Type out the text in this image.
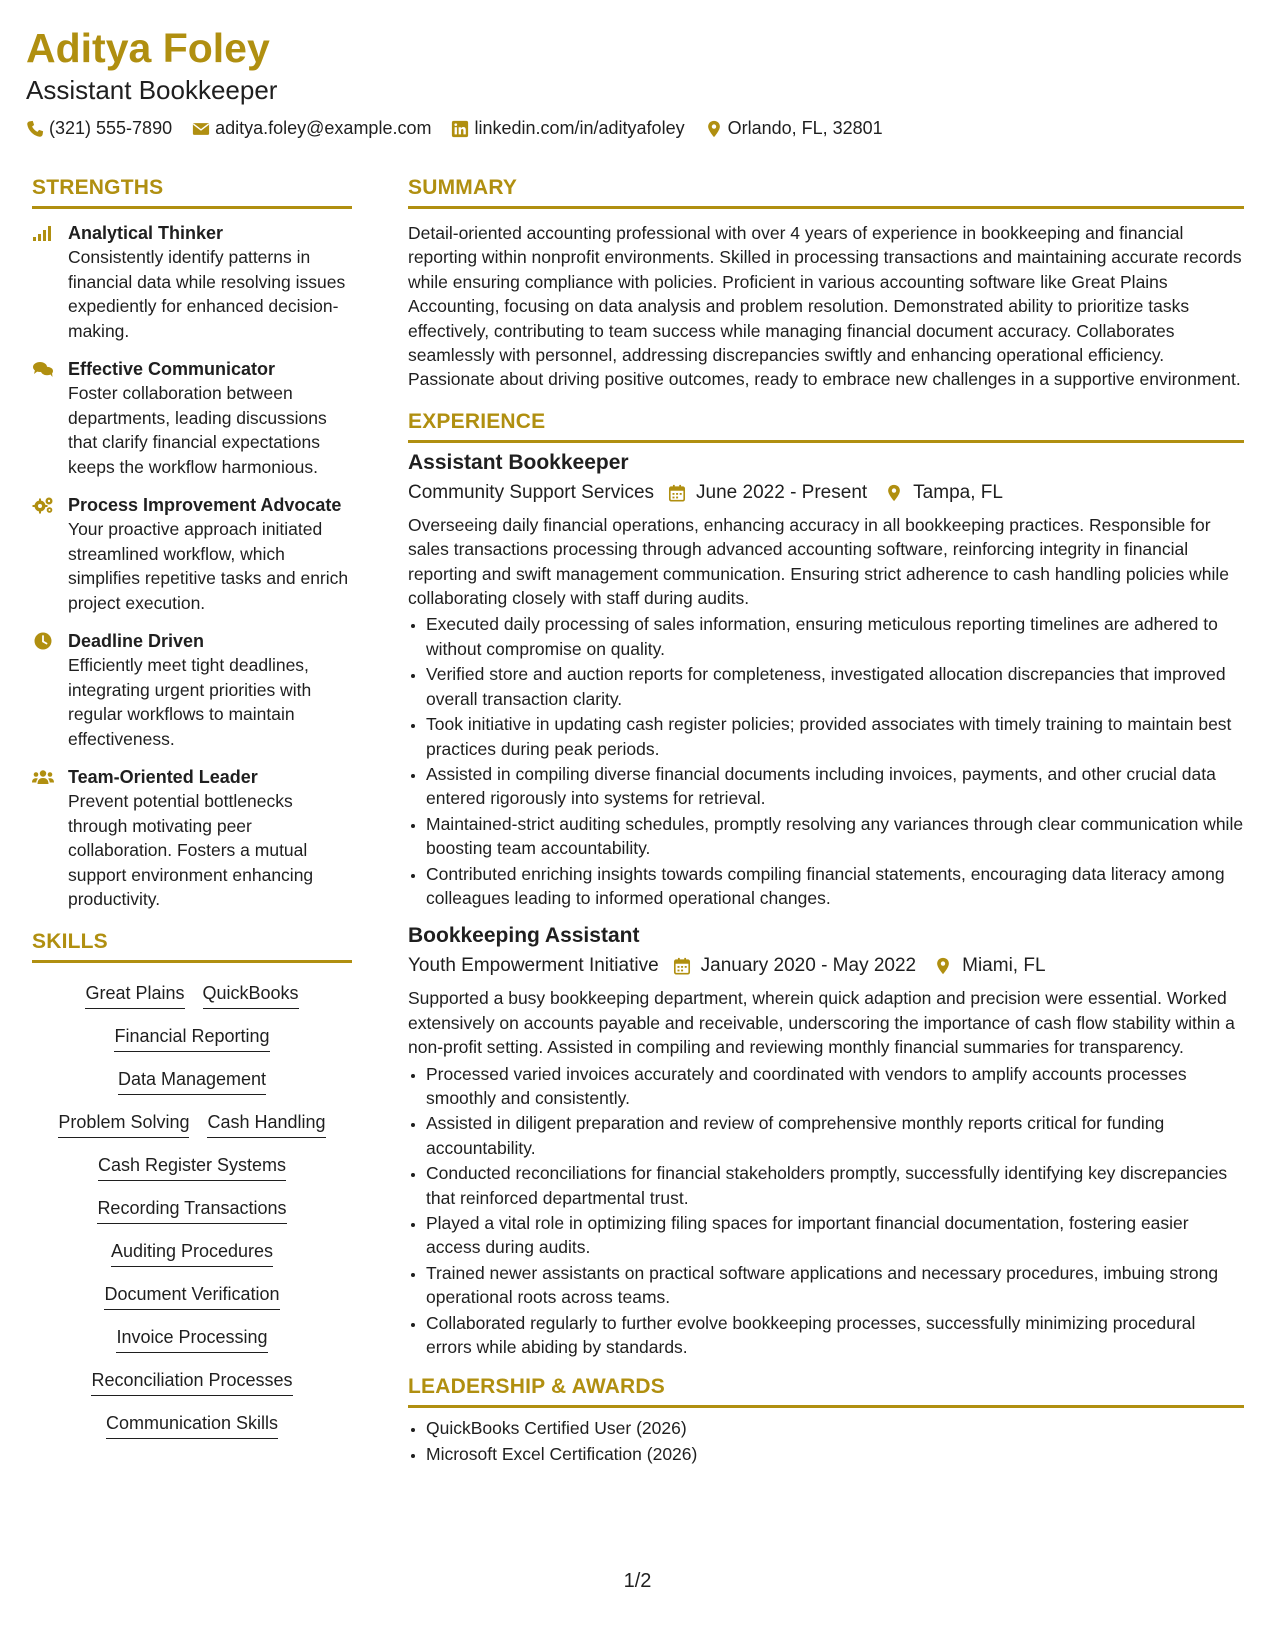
Aditya Foley
Assistant Bookkeeper
(321) 555-7890 aditya.foley@example.com linkedin.com/in/adityafoley Orlando, FL, 32801
STRENGTHS
Analytical Thinker
Consistently identify patterns in financial data while resolving issues expediently for enhanced decision-making.
Effective Communicator
Foster collaboration between departments, leading discussions that clarify financial expectations keeps the workflow harmonious.
Process Improvement Advocate
Your proactive approach initiated streamlined workflow, which simplifies repetitive tasks and enrich project execution.
Deadline Driven
Efficiently meet tight deadlines, integrating urgent priorities with regular workflows to maintain effectiveness.
Team-Oriented Leader
Prevent potential bottlenecks through motivating peer collaboration. Fosters a mutual support environment enhancing productivity.
SKILLS
Great Plains QuickBooks
Financial Reporting
Data Management
Problem Solving Cash Handling
Cash Register Systems
Recording Transactions
Auditing Procedures
Document Verification
Invoice Processing
Reconciliation Processes
Communication Skills
SUMMARY

Detail-oriented accounting professional with over 4 years of experience in bookkeeping and financial reporting within nonprofit environments. Skilled in processing transactions and maintaining accurate records while ensuring compliance with policies. Proficient in various accounting software like Great Plains Accounting, focusing on data analysis and problem resolution. Demonstrated ability to prioritize tasks effectively, contributing to team success while managing financial document accuracy. Collaborates seamlessly with personnel, addressing discrepancies swiftly and enhancing operational efficiency. Passionate about driving positive outcomes, ready to embrace new challenges in a supportive environment.

EXPERIENCE
Assistant Bookkeeper
Community Support Services June 2022 - Present Tampa, FL

Overseeing daily financial operations, enhancing accuracy in all bookkeeping practices. Responsible for sales transactions processing through advanced accounting software, reinforcing integrity in financial reporting and swift management communication. Ensuring strict adherence to cash handling policies while collaborating closely with staff during audits.

• Executed daily processing of sales information, ensuring meticulous reporting timelines are adhered to without compromise on quality.
• Verified store and auction reports for completeness, investigated allocation discrepancies that improved overall transaction clarity.
• Took initiative in updating cash register policies; provided associates with timely training to maintain best practices during peak periods.
• Assisted in compiling diverse financial documents including invoices, payments, and other crucial data entered rigorously into systems for retrieval.
• Maintained-strict auditing schedules, promptly resolving any variances through clear communication while boosting team accountability.
• Contributed enriching insights towards compiling financial statements, encouraging data literacy among colleagues leading to informed operational changes.
Bookkeeping Assistant
Youth Empowerment Initiative January 2020 - May 2022 Miami, FL

Supported a busy bookkeeping department, wherein quick adaption and precision were essential. Worked extensively on accounts payable and receivable, underscoring the importance of cash flow stability within a non-profit setting. Assisted in compiling and reviewing monthly financial summaries for transparency.

• Processed varied invoices accurately and coordinated with vendors to amplify accounts processes smoothly and consistently.
• Assisted in diligent preparation and review of comprehensive monthly reports critical for funding accountability.
• Conducted reconciliations for financial stakeholders promptly, successfully identifying key discrepancies that reinforced departmental trust.
• Played a vital role in optimizing filing spaces for important financial documentation, fostering easier access during audits.
• Trained newer assistants on practical software applications and necessary procedures, imbuing strong operational roots across teams.
• Collaborated regularly to further evolve bookkeeping processes, successfully minimizing procedural errors while abiding by standards.
LEADERSHIP & AWARDS
• QuickBooks Certified User (2026)
• Microsoft Excel Certification (2026)
1/2
